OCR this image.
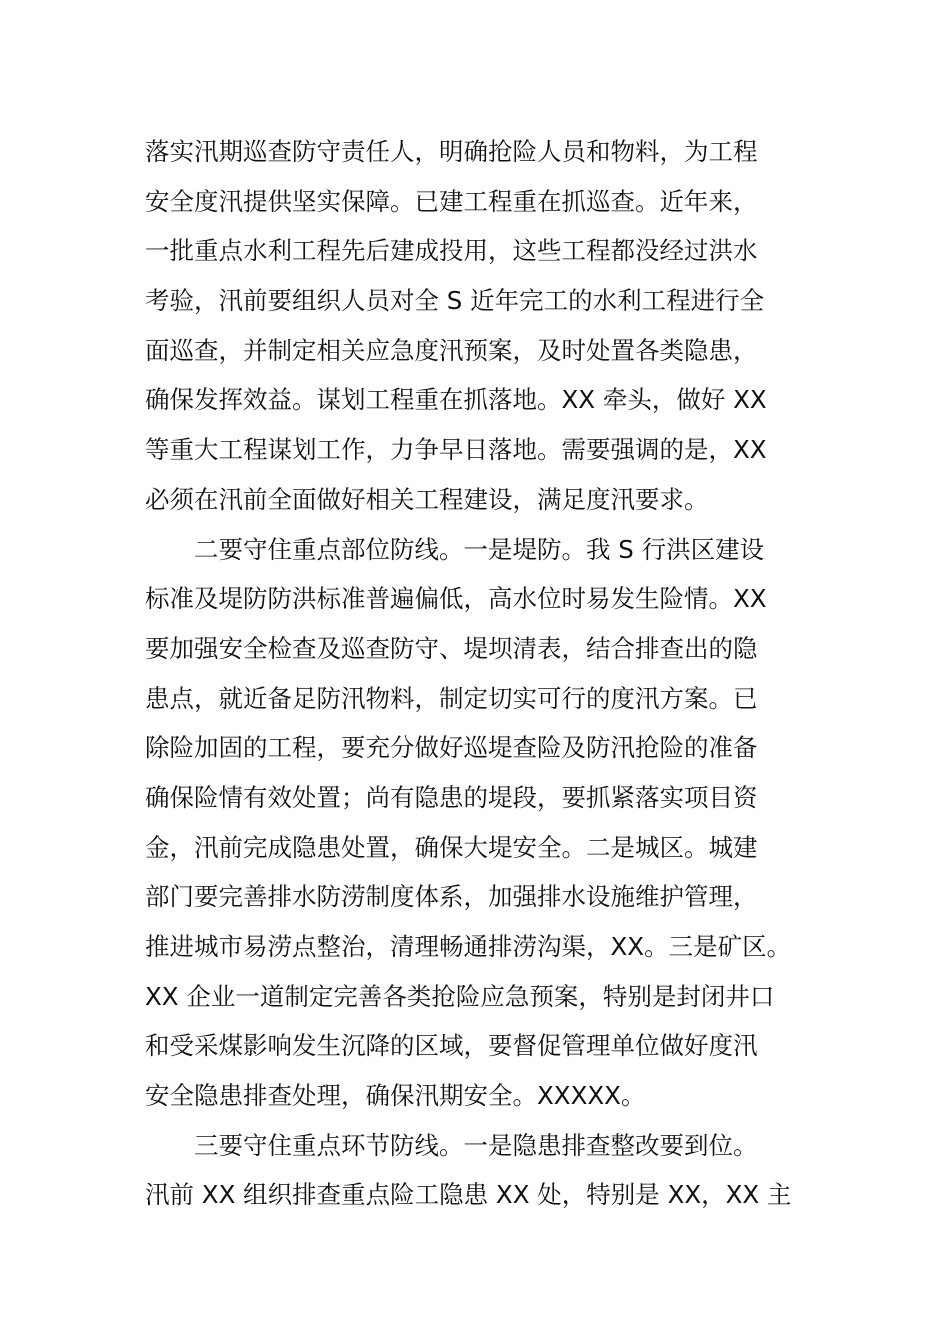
落实汛期巡查防守责任人，明确抢险人员和物料，为工程
安全度汛提供坚实保障。已建工程重在抓巡查。近年来，
一批重点水利工程先后建成投用，这些工程都没经过洪水
考验，汛前要组织人员对全 S 近年完工的水利工程进行全
面巡查，并制定相关应急度汛预案，及时处置各类隐患，
确保发挥效益。谋划工程重在抓落地。XX 牵头，做好 XX
等重大工程谋划工作，力争早日落地。需要强调的是，XX
必须在汛前全面做好相关工程建设，满足度汛要求。
二要守住重点部位防线。一是堤防。我 S 行洪区建设
标准及堤防防洪标准普遍偏低，高水位时易发生险情。XX
要加强安全检查及巡查防守、堤坝清表，结合排查出的隐
患点，就近备足防汛物料，制定切实可行的度汛方案。已
除险加固的工程，要充分做好巡堤查险及防汛抢险的准备
确保险情有效处置；尚有隐患的堤段，要抓紧落实项目资
金，汛前完成隐患处置，确保大堤安全。二是城区。城建
部门要完善排水防涝制度体系，加强排水设施维护管理，
推进城市易涝点整治，清理畅通排涝沟渠，XX。三是矿区。
XX 企业一道制定完善各类抢险应急预案，特别是封闭井口
和受采煤影响发生沉降的区域，要督促管理单位做好度汛
安全隐患排查处理，确保汛期安全。XXXXX。
三要守住重点环节防线。一是隐患排查整改要到位。
汛前 XX 组织排查重点险工隐患 XX 处，特别是 XX，XX 主
